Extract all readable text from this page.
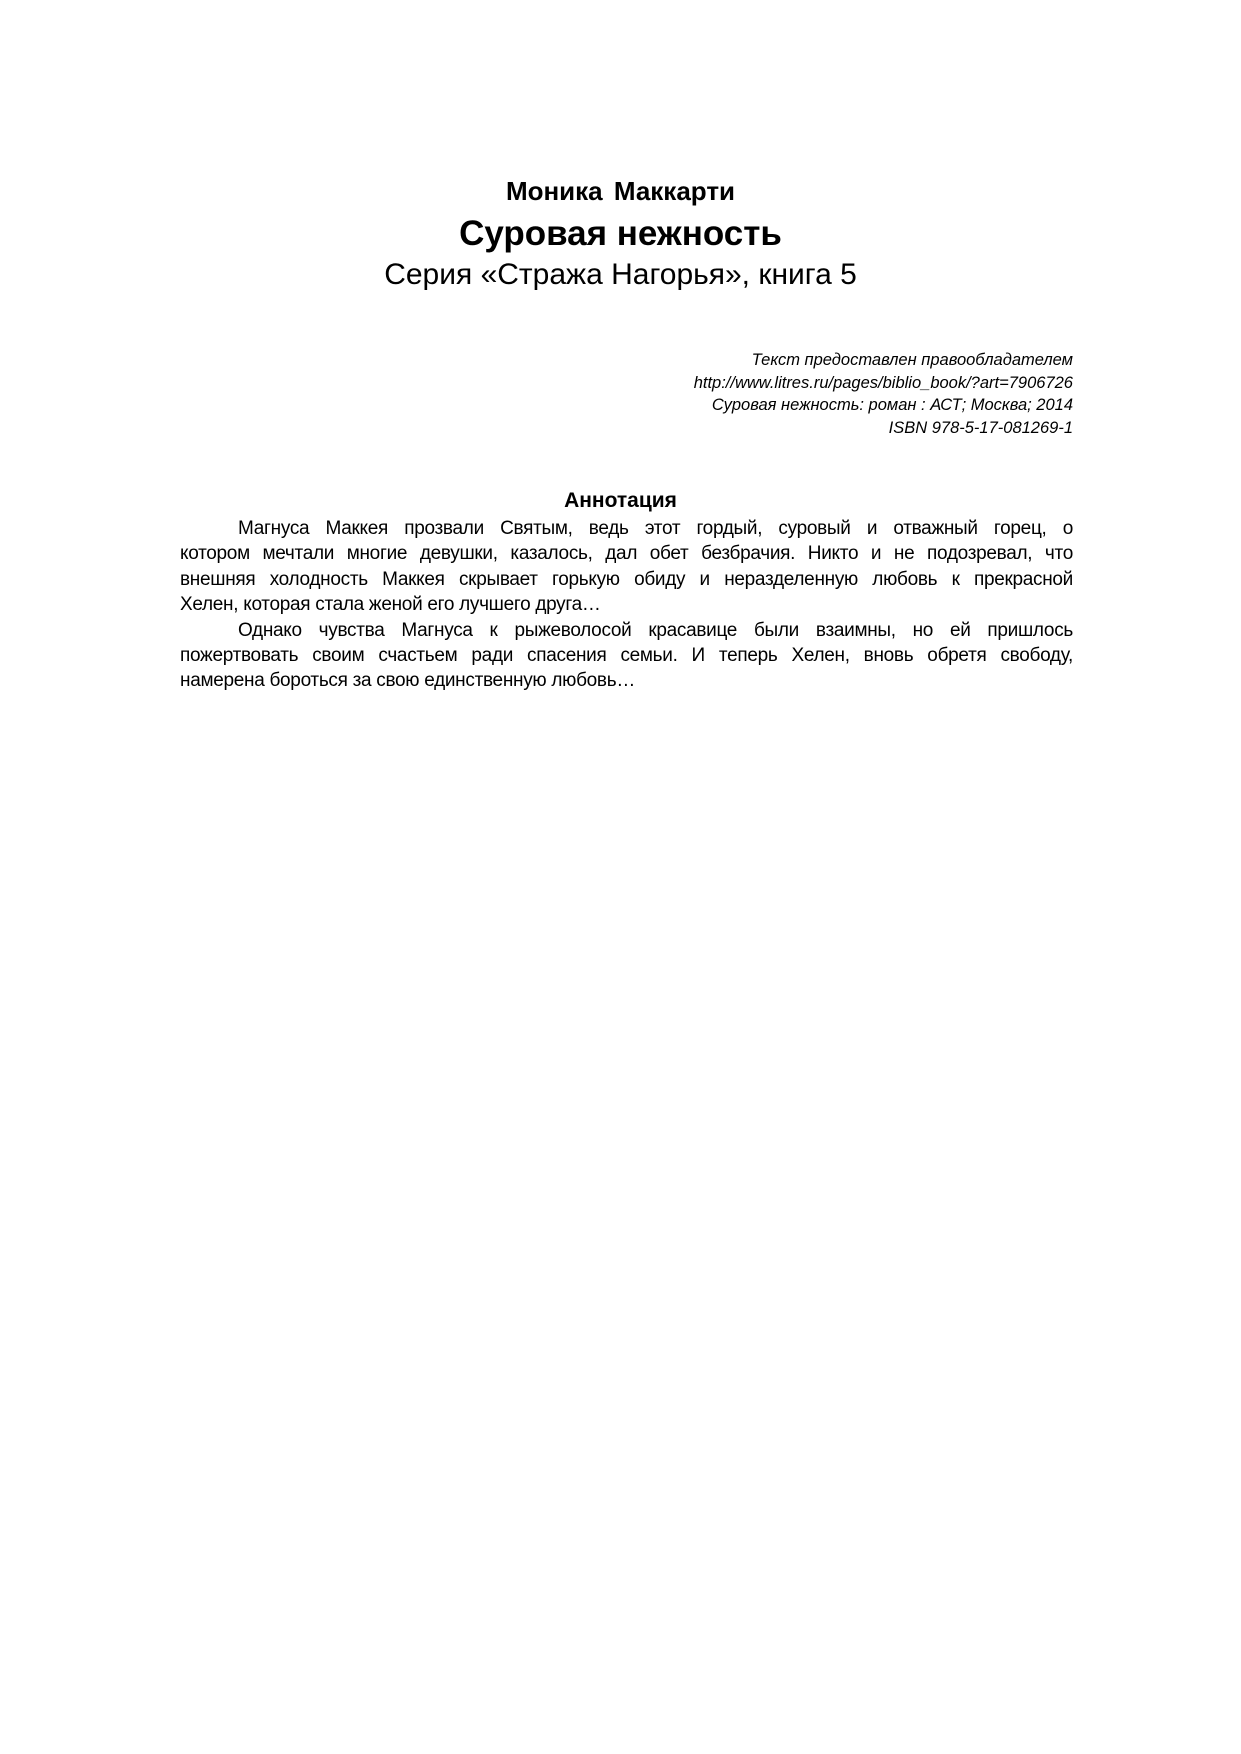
Моника Маккарти
Суровая нежность
Серия «Стража Нагорья», книга 5
Текст предоставлен правообладателем
http://www.litres.ru/pages/biblio_book/?art=7906726
Суровая нежность: роман : АСТ; Москва; 2014
ISBN 978-5-17-081269-1
Аннотация
Магнуса Маккея прозвали Святым, ведь этот гордый, суровый и отважный горец, о
котором мечтали многие девушки, казалось, дал обет безбрачия. Никто и не подозревал, что
внешняя холодность Маккея скрывает горькую обиду и неразделенную любовь к прекрасной
Хелен, которая стала женой его лучшего друга…
Однако чувства Магнуса к рыжеволосой красавице были взаимны, но ей пришлось
пожертвовать своим счастьем ради спасения семьи. И теперь Хелен, вновь обретя свободу,
намерена бороться за свою единственную любовь…
